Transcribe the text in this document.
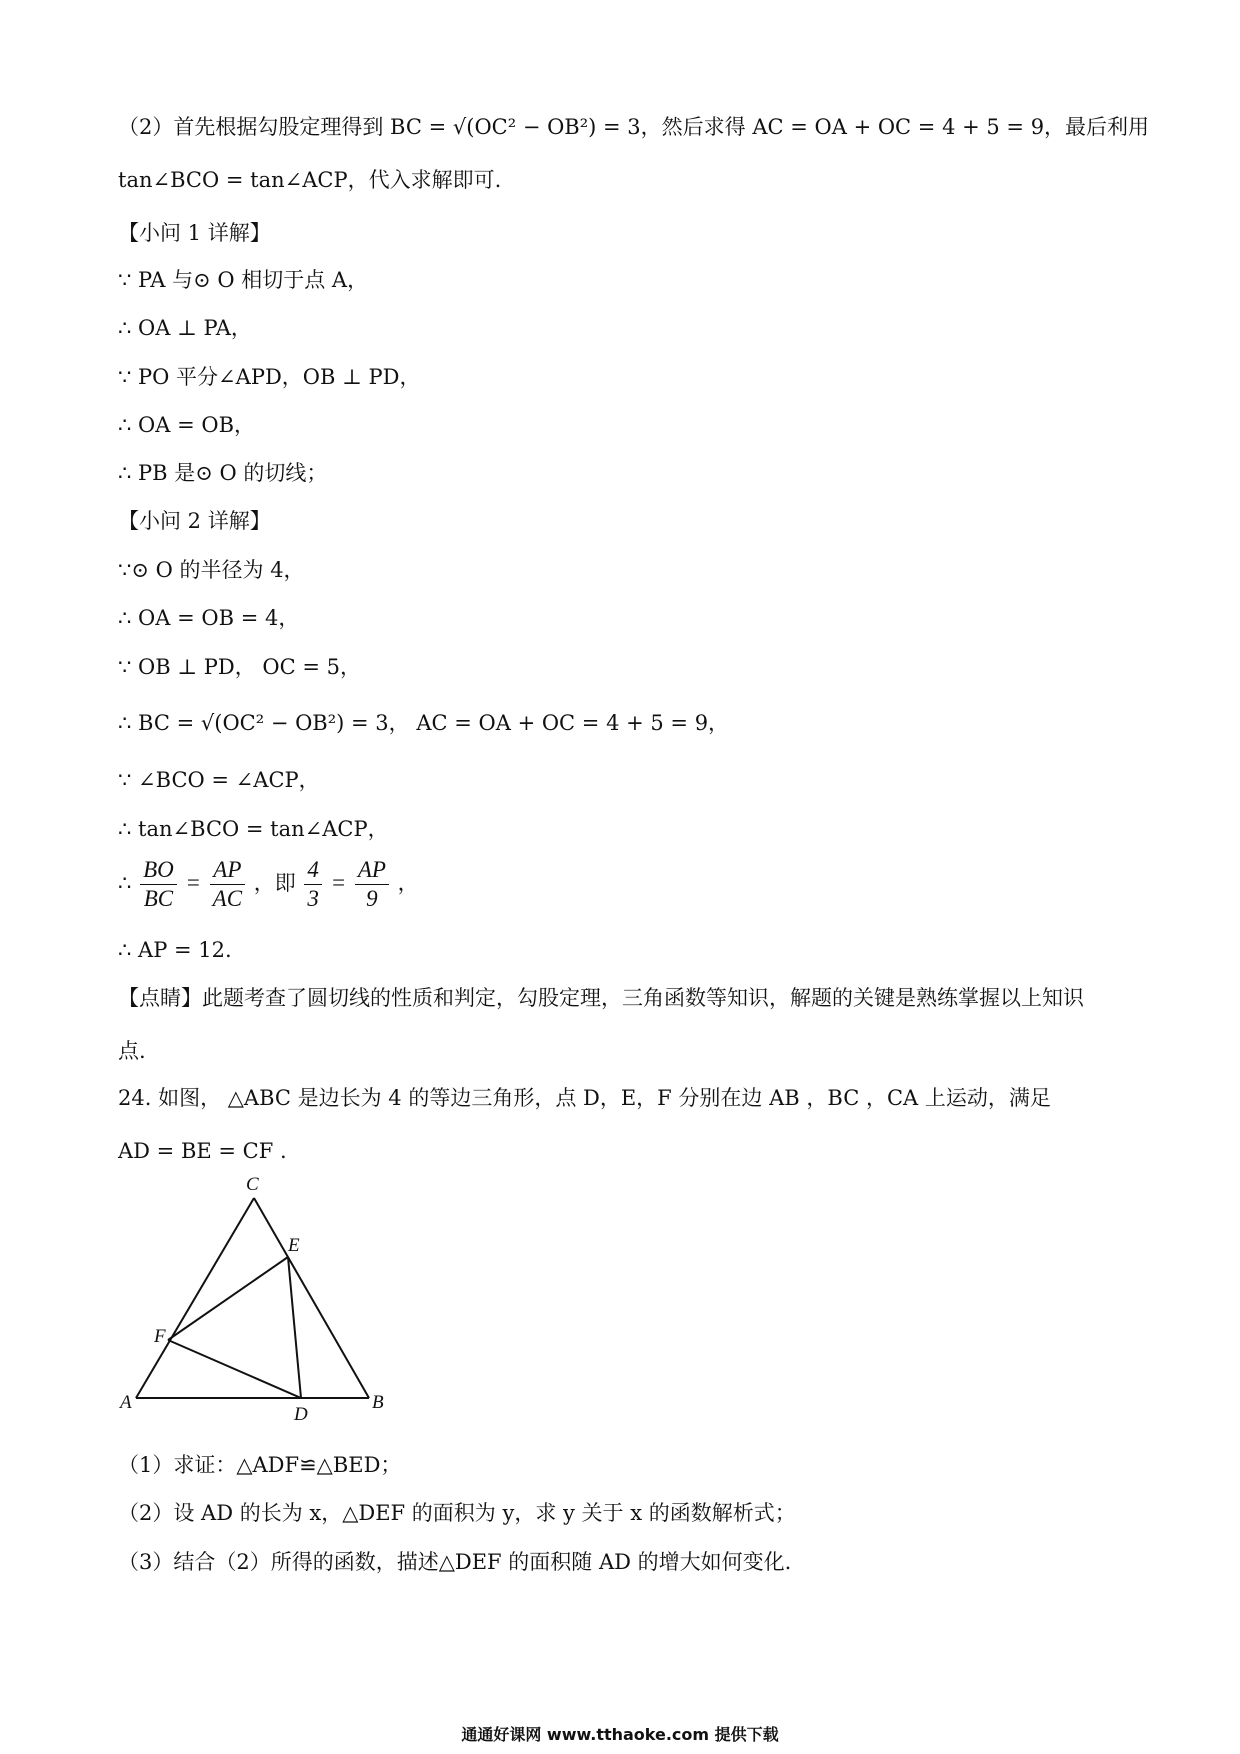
（2）首先根据勾股定理得到 BC = √(OC² − OB²) = 3，然后求得 AC = OA + OC = 4 + 5 = 9，最后利用
tan∠BCO = tan∠ACP，代入求解即可.
【小问 1 详解】
∵ PA 与⊙ O 相切于点 A，
∴ OA ⊥ PA，
∵ PO 平分∠APD，OB ⊥ PD，
∴ OA = OB，
∴ PB 是⊙ O 的切线；
【小问 2 详解】
∵⊙ O 的半径为 4，
∴ OA = OB = 4，
∵ OB ⊥ PD， OC = 5，
∴ BC = √(OC² − OB²) = 3， AC = OA + OC = 4 + 5 = 9，
∵ ∠BCO = ∠ACP，
∴ tan∠BCO = tan∠ACP，
∴ $\frac{BO}{BC} = \frac{AP}{AC}$ ，即 $\frac{4}{3} = \frac{AP}{9}$ ，
∴ AP = 12.
【点睛】此题考查了圆切线的性质和判定，勾股定理，三角函数等知识，解题的关键是熟练掌握以上知识
点.
24. 如图， △ABC 是边长为 4 的等边三角形，点 D，E，F 分别在边 AB ，BC ，CA 上运动，满足
AD = BE = CF .
C
E
F
A
D
B
（1）求证：△ADF≌△BED；
（2）设 AD 的长为 x，△DEF 的面积为 y，求 y 关于 x 的函数解析式；
（3）结合（2）所得的函数，描述△DEF 的面积随 AD 的增大如何变化.
通通好课网 www.tthaoke.com 提供下载
